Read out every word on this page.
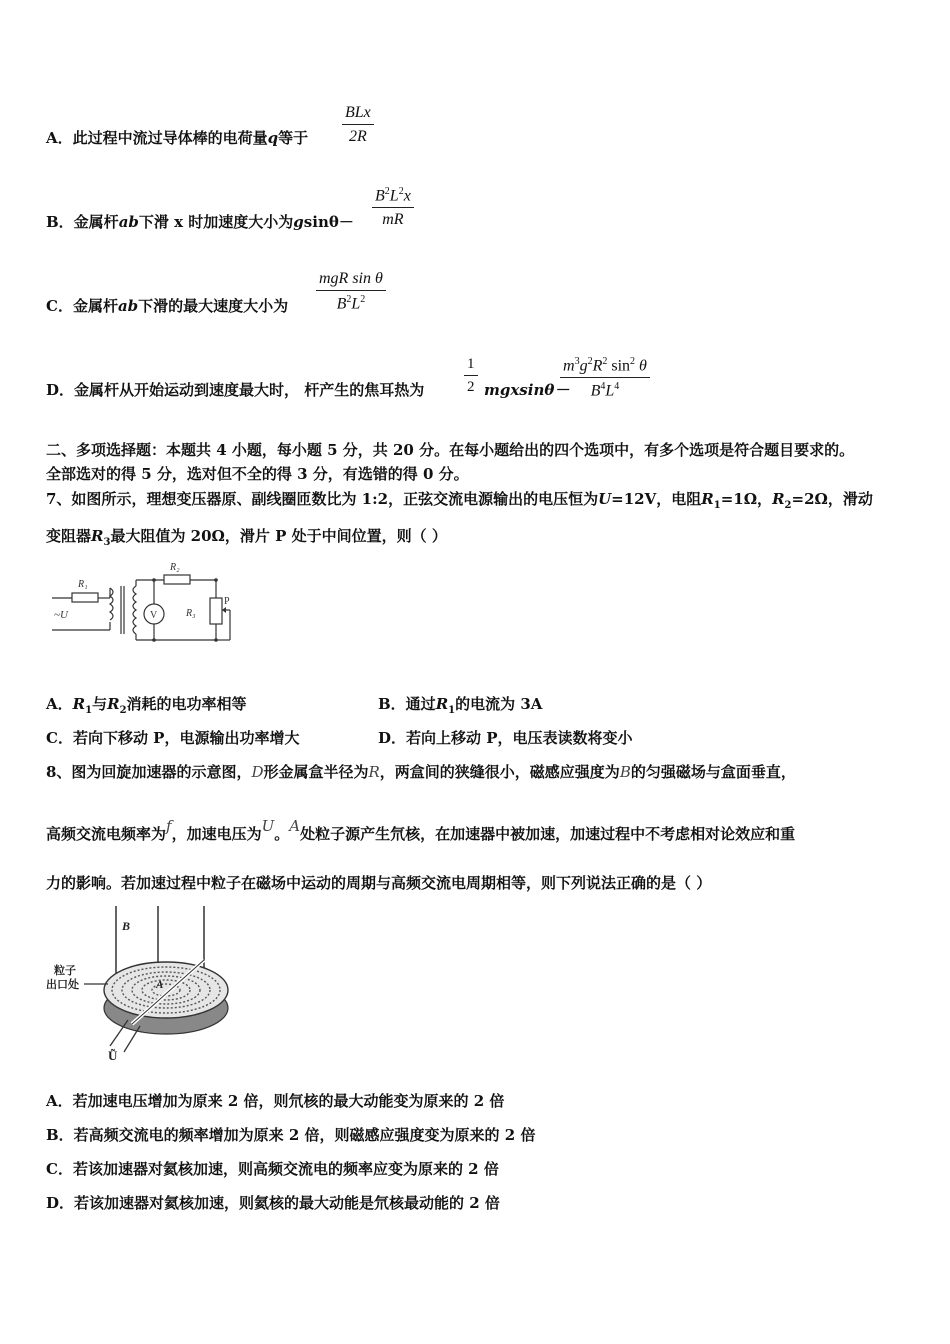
A．此过程中流过导体棒的电荷量q等于
BLx
2R
B．金属杆ab下滑 x 时加速度大小为$gsin\theta- \frac{B^2L^2x}{mR}$
C．金属杆ab下滑的最大速度大小为
mgR sin θ
$B^2L^2$
D．金属杆从开始运动到速度最大时， 杆产生的焦耳热为	$\frac{1}{2} mgxsin\theta-$
$\frac{m^3g^2R^2 \sin^2 \theta}{B^4L^4}$
二、多项选择题：本题共 4 小题，每小题 5 分，共 20 分。在每小题给出的四个选项中，有多个选项是符合题目要求的。
全部选对的得 5 分，选对但不全的得 3 分，有选错的得 0 分。
7、如图所示，理想变压器原、副线圈匝数比为 1:2，正弦交流电源输出的电压恒为U=12V，电阻$R_1=1\Omega$，$R_2=2\Omega$，滑动
变阻器$R_3$最大阻值为 20Ω，滑片 P 处于中间位置，则（ ）
R₁
R₂
R₃
~U	V
P
A．$R_1$与$R_2$消耗的电功率相等	B．通过$R_1$的电流为 3A
C．若向下移动 P，电源输出功率增大	D．若向上移动 P，电压表读数将变小
8、图为回旋加速器的示意图，D形金属盒半径为R，两盒间的狭缝很小，磁感应强度为B的匀强磁场与盒面垂直，
高频交流电频率为f，加速电压为U。A处粒子源产生氘核，在加速器中被加速，加速过程中不考虑相对论效应和重
力的影响。若加速过程中粒子在磁场中运动的周期与高频交流电周期相等，则下列说法正确的是（ ）
B
粒子
出口处	A
Ũ
A．若加速电压增加为原来 2 倍，则氘核的最大动能变为原来的 2 倍
B．若高频交流电的频率增加为原来 2 倍，则磁感应强度变为原来的 2 倍
C．若该加速器对氦核加速，则高频交流电的频率应变为原来的 2 倍
D．若该加速器对氦核加速，则氦核的最大动能是氘核最动能的 2 倍
